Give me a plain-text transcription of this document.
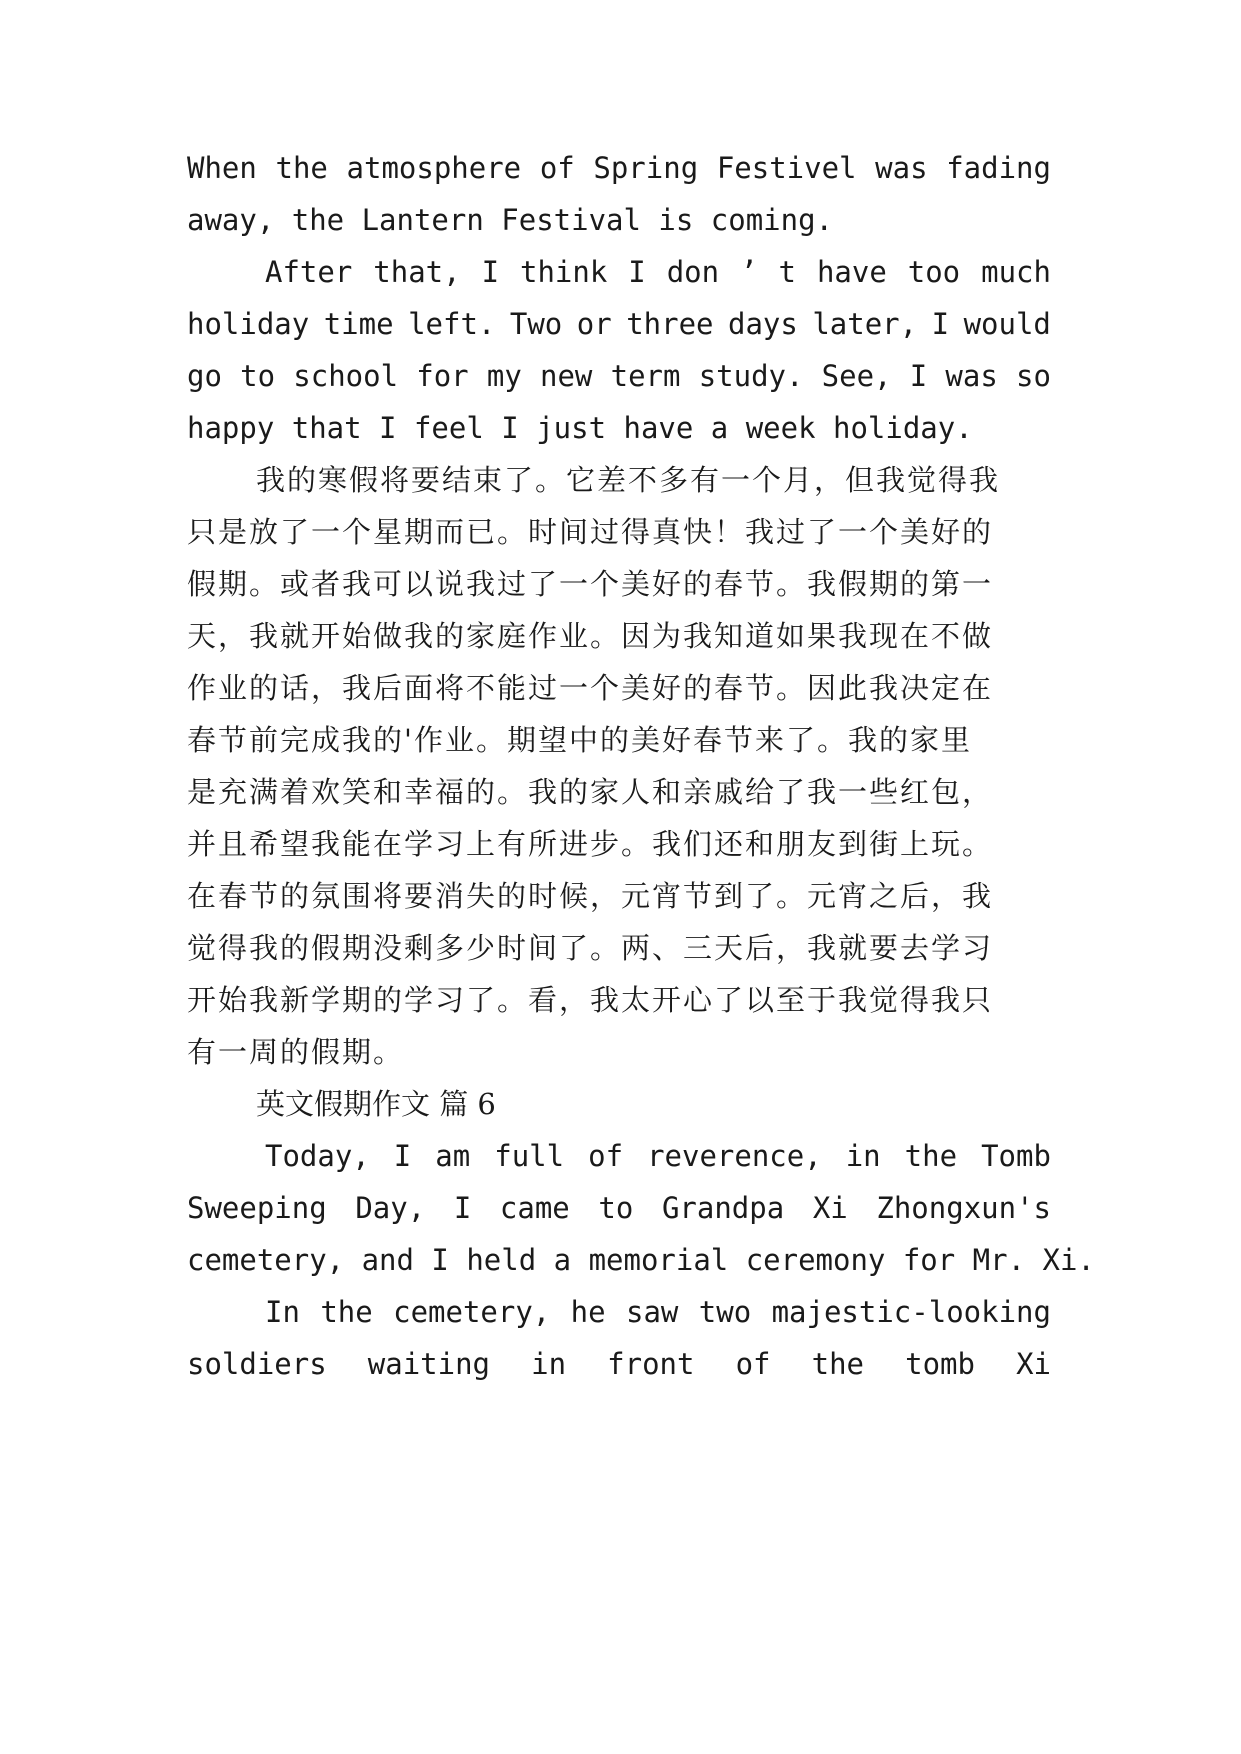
When the atmosphere of Spring Festivel was fading
away, the Lantern Festival is coming.
After that, I think I don ’ t have too much
holiday time left. Two or three days later, I would
go to school for my new term study. See, I was so
happy that I feel I just have a week holiday.
我的寒假将要结束了。它差不多有一个月，但我觉得我
只是放了一个星期而已。时间过得真快！我过了一个美好的
假期。或者我可以说我过了一个美好的春节。我假期的第一
天，我就开始做我的家庭作业。因为我知道如果我现在不做
作业的话，我后面将不能过一个美好的春节。因此我决定在
春节前完成我的'作业。期望中的美好春节来了。我的家里
是充满着欢笑和幸福的。我的家人和亲戚给了我一些红包，
并且希望我能在学习上有所进步。我们还和朋友到街上玩。
在春节的氛围将要消失的时候，元宵节到了。元宵之后，我
觉得我的假期没剩多少时间了。两、三天后，我就要去学习
开始我新学期的学习了。看，我太开心了以至于我觉得我只
有一周的假期。
英文假期作文 篇 6
Today, I am full of reverence, in the Tomb
Sweeping Day, I came to Grandpa Xi Zhongxun's
cemetery, and I held a memorial ceremony for Mr. Xi.
In the cemetery, he saw two majestic-looking
soldiers waiting in front of the tomb Xi
